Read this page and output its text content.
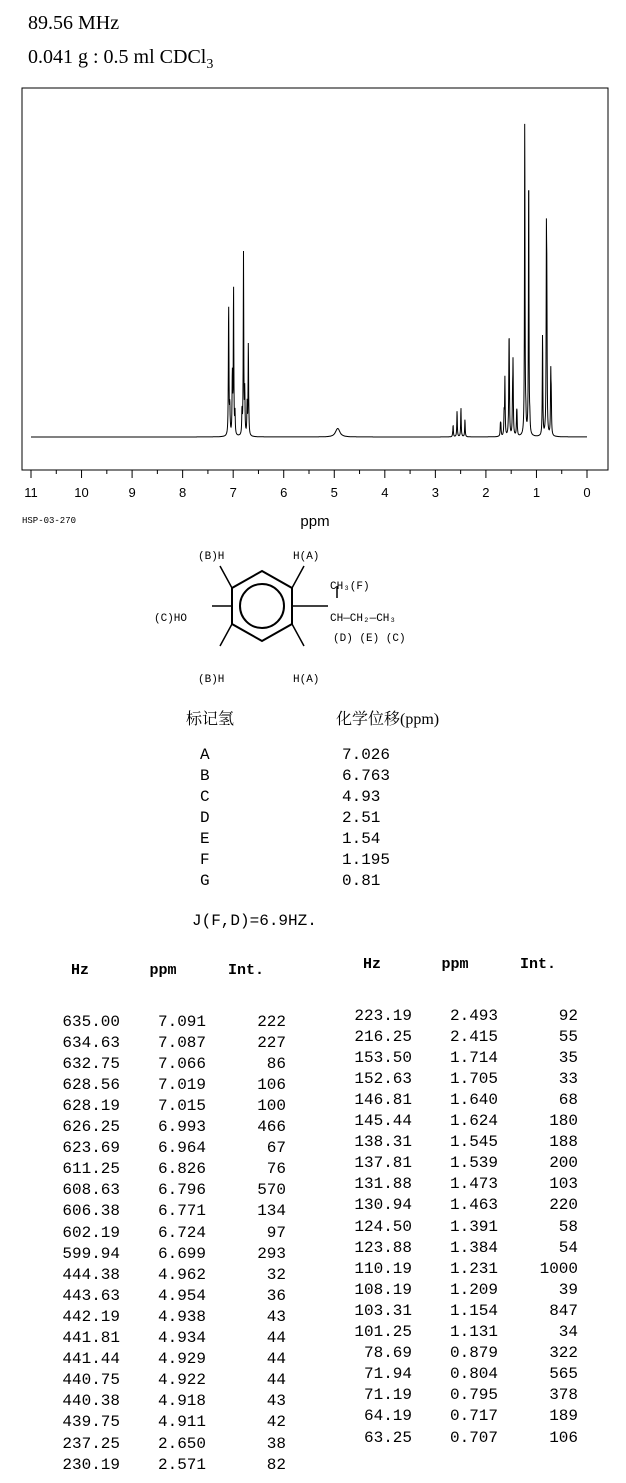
89.56 MHz
0.041 g : 0.5 ml CDCl$_3$
11	10	9	8	7	6	5	4	3	2	1	0
ppm
HSP-03-270
(B)H	H(A)
(B)H	H(A)
(C)HO
CH₃(F)
CH—CH₂—CH₃
(D) (E) (C)
标记氢	化学位移(ppm)
A	7.026
B	6.763
C	4.93
D	2.51
E	1.54
F	1.195
G	0.81
J(F,D)=6.9HZ.
Hz	ppm	Int.

635.00	7.091	222
634.63	7.087	227
632.75	7.066	86
628.56	7.019	106
628.19	7.015	100
626.25	6.993	466
623.69	6.964	67
611.25	6.826	76
608.63	6.796	570
606.38	6.771	134
602.19	6.724	97
599.94	6.699	293
444.38	4.962	32
443.63	4.954	36
442.19	4.938	43
441.81	4.934	44
441.44	4.929	44
440.75	4.922	44
440.38	4.918	43
439.75	4.911	42
237.25	2.650	38
230.19	2.571	82
Hz	ppm	Int.

223.19	2.493	92
216.25	2.415	55
153.50	1.714	35
152.63	1.705	33
146.81	1.640	68
145.44	1.624	180
138.31	1.545	188
137.81	1.539	200
131.88	1.473	103
130.94	1.463	220
124.50	1.391	58
123.88	1.384	54
110.19	1.231	1000
108.19	1.209	39
103.31	1.154	847
101.25	1.131	34
78.69	0.879	322
71.94	0.804	565
71.19	0.795	378
64.19	0.717	189
63.25	0.707	106
